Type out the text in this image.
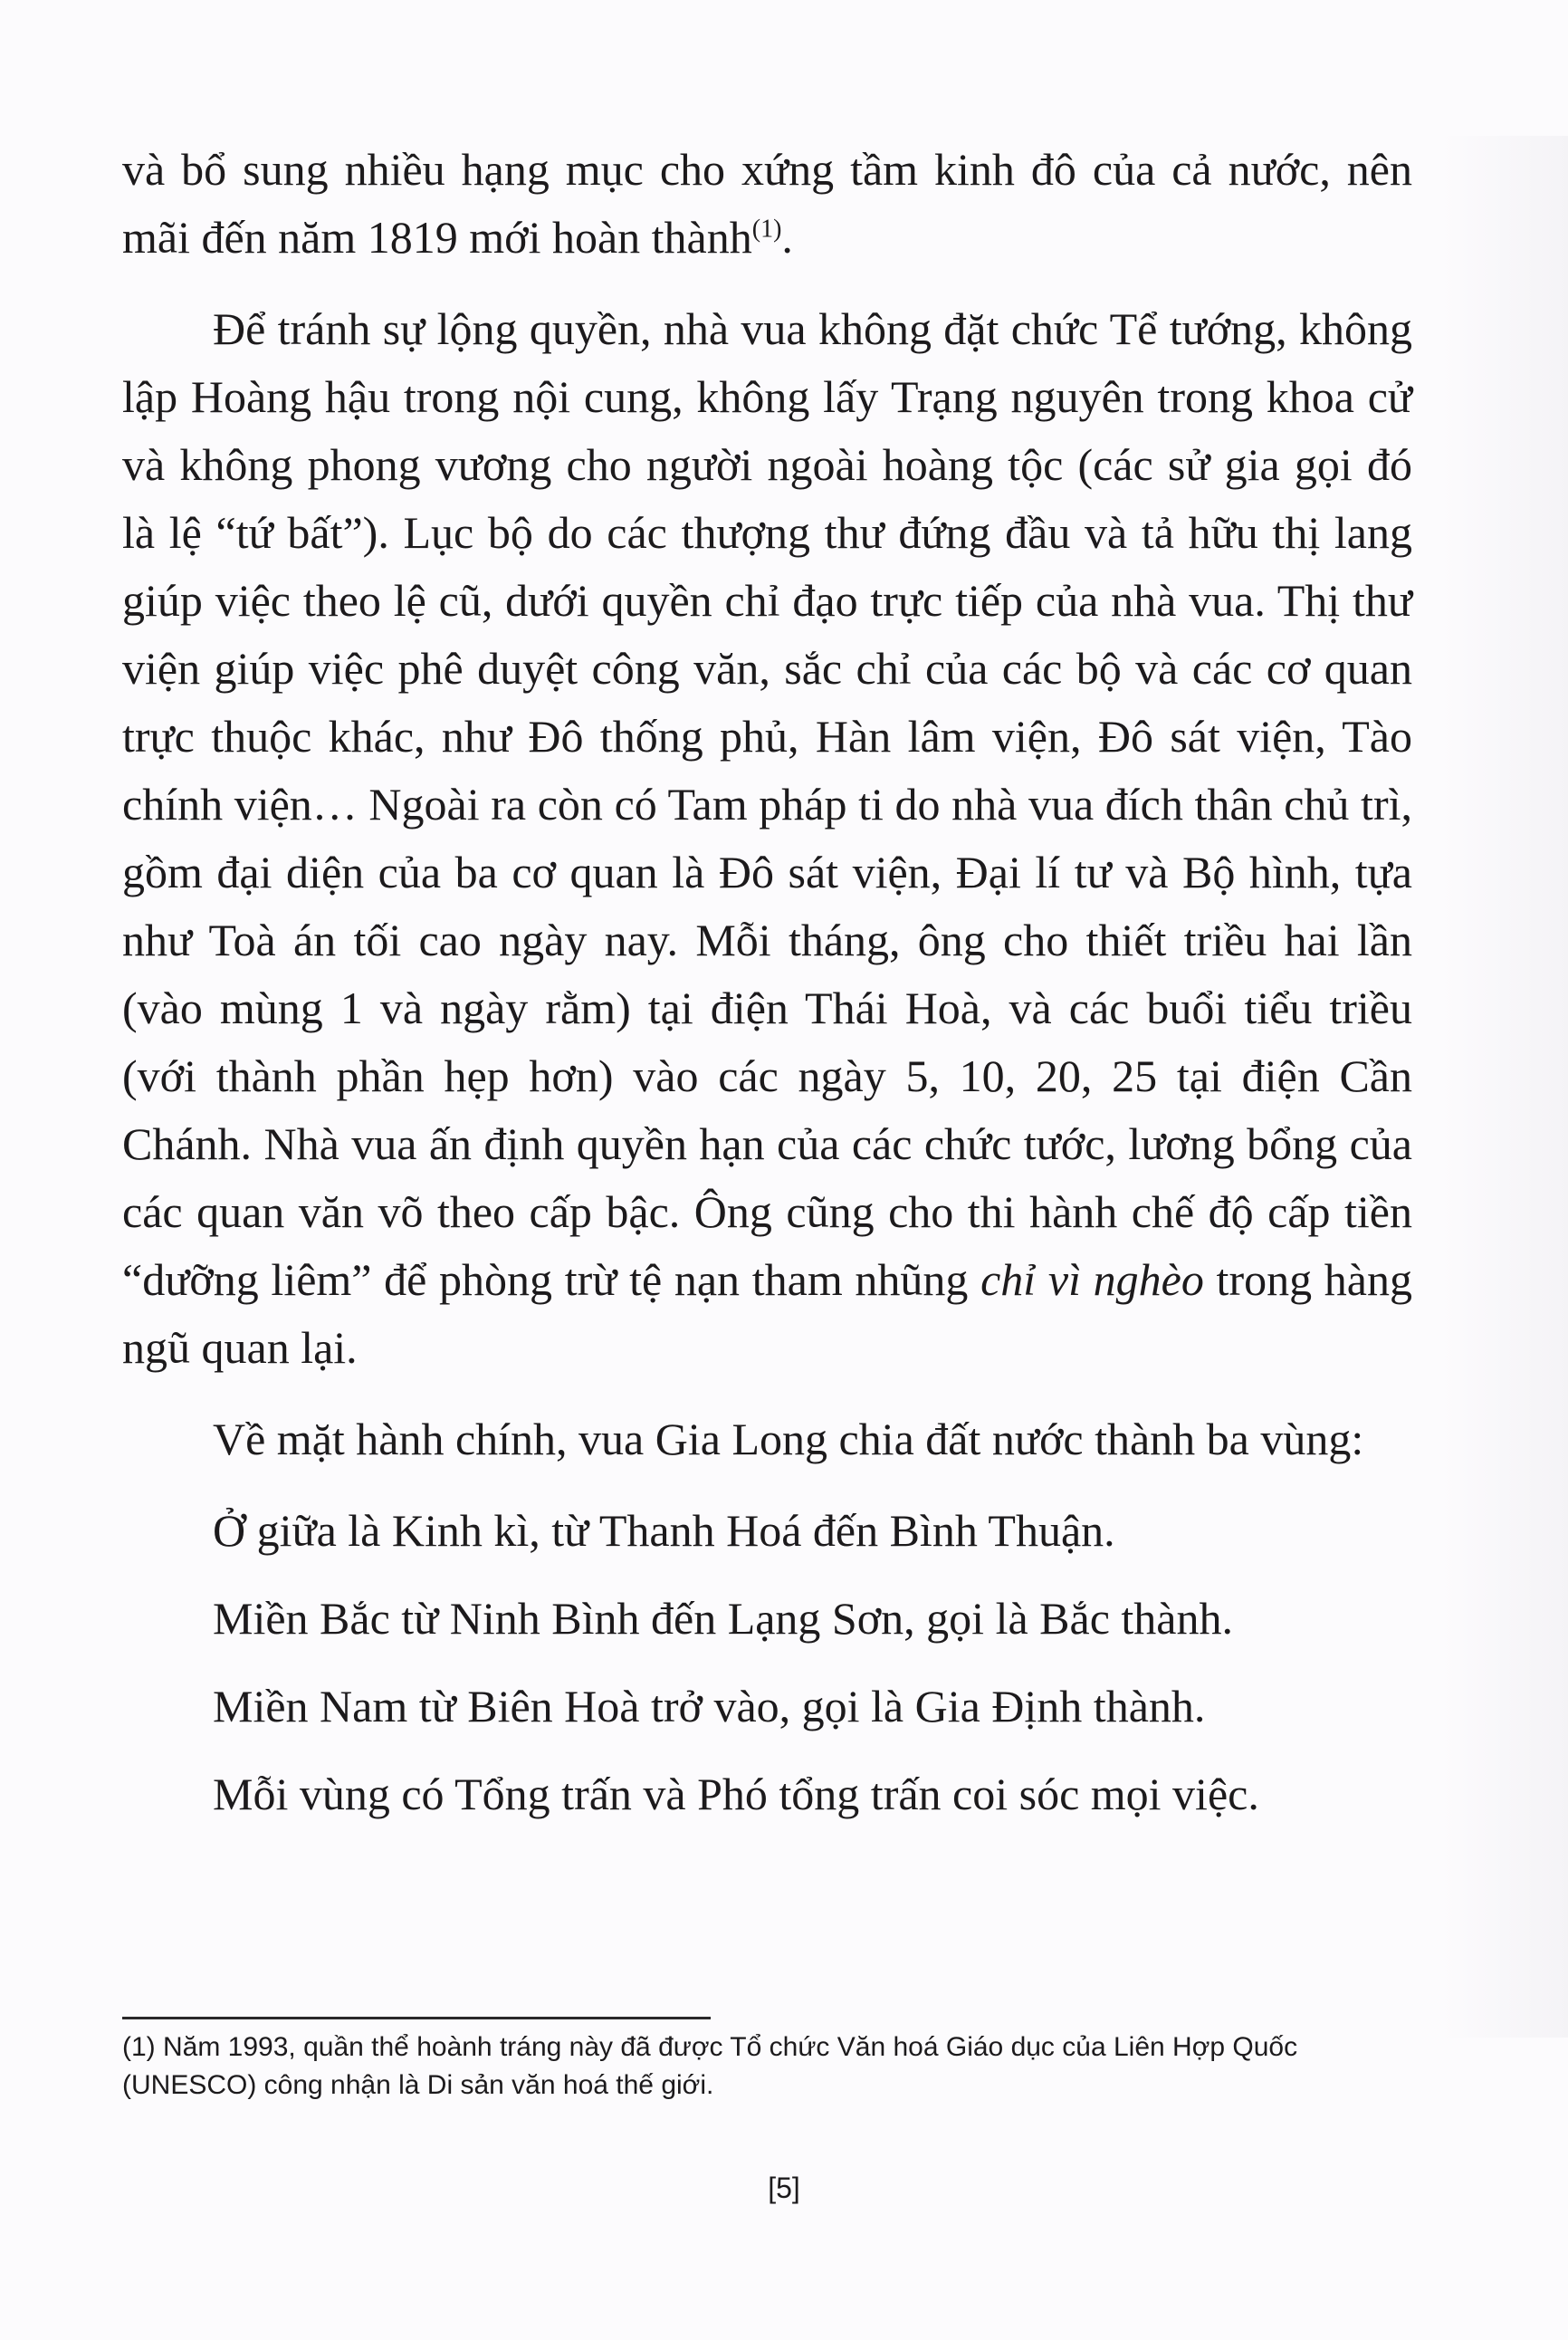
và bổ sung nhiều hạng mục cho xứng tầm kinh đô của cả nước, nên mãi đến năm 1819 mới hoàn thành$^{(1)}$.

Để tránh sự lộng quyền, nhà vua không đặt chức Tể tướng, không lập Hoàng hậu trong nội cung, không lấy Trạng nguyên trong khoa cử và không phong vương cho người ngoài hoàng tộc (các sử gia gọi đó là lệ “tứ bất”). Lục bộ do các thượng thư đứng đầu và tả hữu thị lang giúp việc theo lệ cũ, dưới quyền chỉ đạo trực tiếp của nhà vua. Thị thư viện giúp việc phê duyệt công văn, sắc chỉ của các bộ và các cơ quan trực thuộc khác, như Đô thống phủ, Hàn lâm viện, Đô sát viện, Tào chính viện… Ngoài ra còn có Tam pháp ti do nhà vua đích thân chủ trì, gồm đại diện của ba cơ quan là Đô sát viện, Đại lí tư và Bộ hình, tựa như Toà án tối cao ngày nay. Mỗi tháng, ông cho thiết triều hai lần (vào mùng 1 và ngày rằm) tại điện Thái Hoà, và các buổi tiểu triều (với thành phần hẹp hơn) vào các ngày 5, 10, 20, 25 tại điện Cần Chánh. Nhà vua ấn định quyền hạn của các chức tước, lương bổng của các quan văn võ theo cấp bậc. Ông cũng cho thi hành chế độ cấp tiền “dưỡng liêm” để phòng trừ tệ nạn tham nhũng chỉ vì nghèo trong hàng ngũ quan lại.

Về mặt hành chính, vua Gia Long chia đất nước thành ba vùng:

Ở giữa là Kinh kì, từ Thanh Hoá đến Bình Thuận.

Miền Bắc từ Ninh Bình đến Lạng Sơn, gọi là Bắc thành.

Miền Nam từ Biên Hoà trở vào, gọi là Gia Định thành.

Mỗi vùng có Tổng trấn và Phó tổng trấn coi sóc mọi việc.

(1) Năm 1993, quần thể hoành tráng này đã được Tổ chức Văn hoá Giáo dục của Liên Hợp Quốc (UNESCO) công nhận là Di sản văn hoá thế giới.
[5]
